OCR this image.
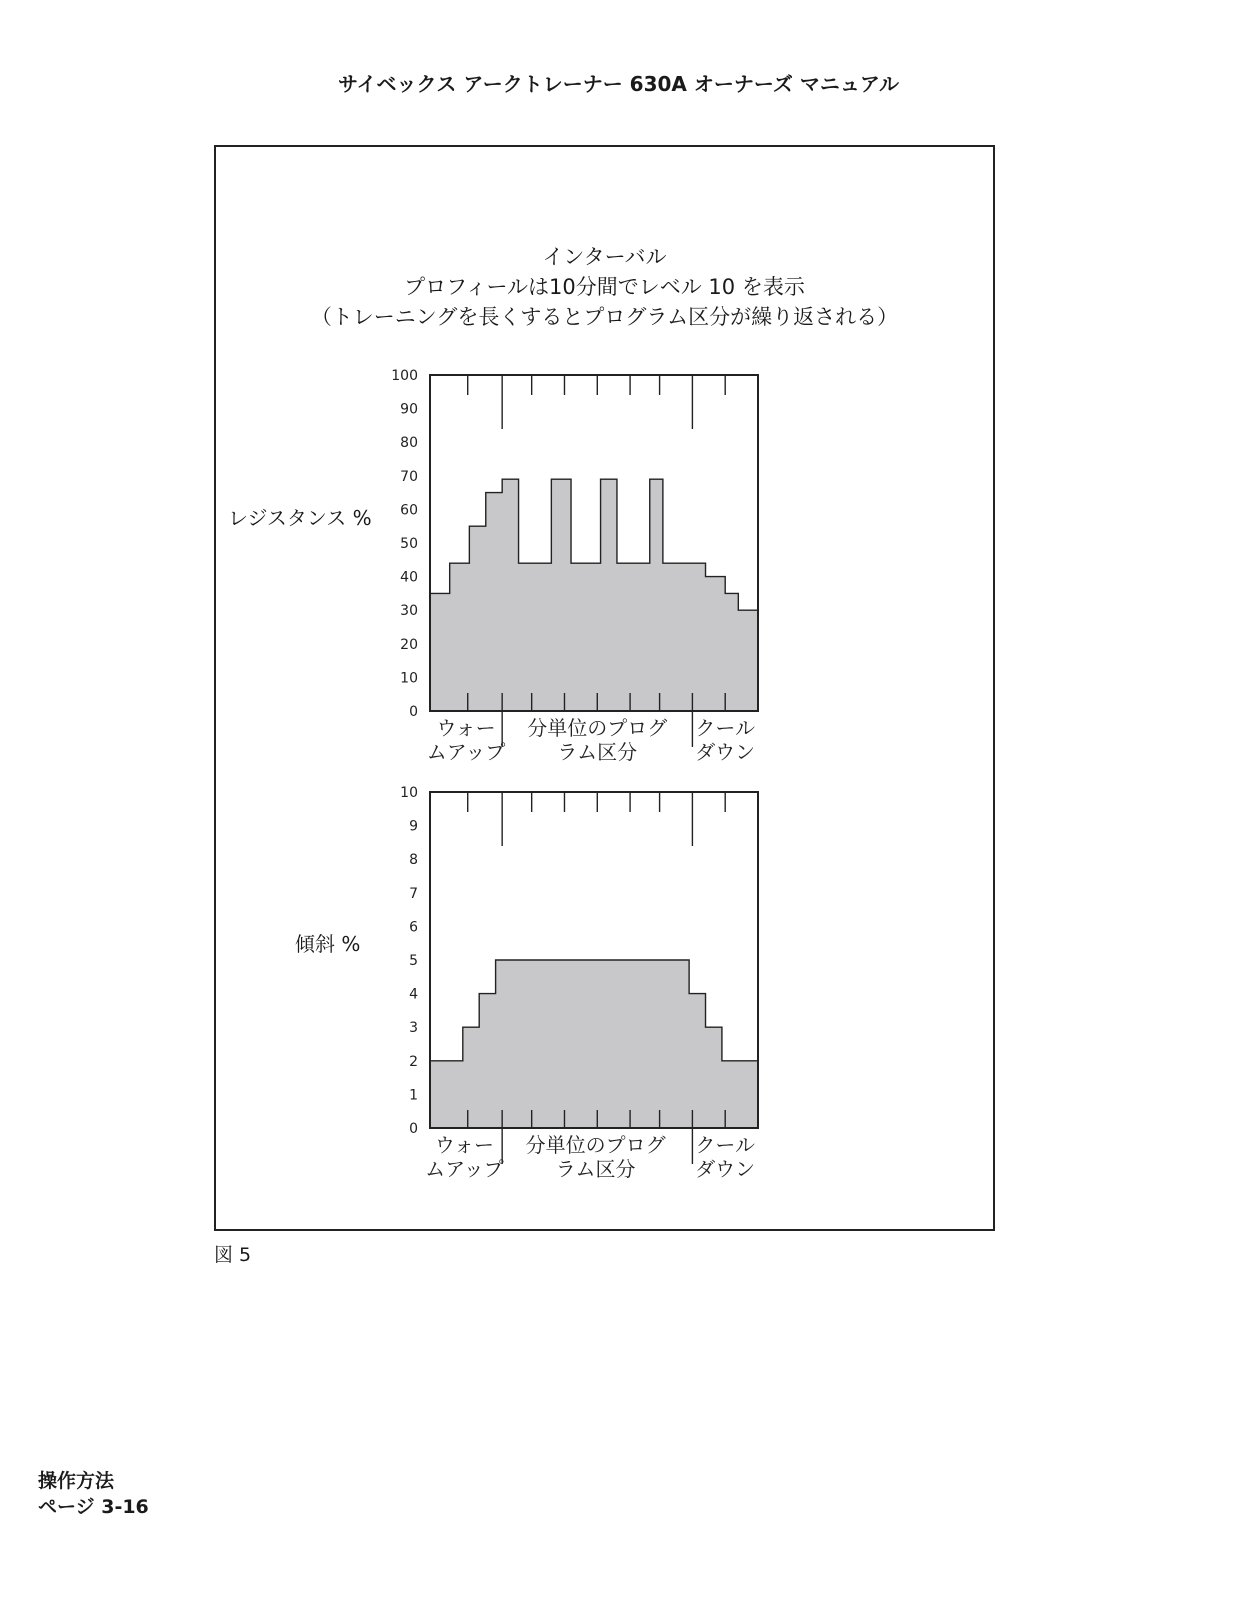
サイベックス アークトレーナー 630A オーナーズ マニュアル
インターバル
プロフィールは10分間でレベル 10 を表示
（トレーニングを長くするとプログラム区分が繰り返される）
レジスタンス %
傾斜 %
0
10
20
30
40
50
60
70
80
90
100
ウォー
ムアップ
分単位のプログ
ラム区分
クール
ダウン
0
1
2
3
4
5
6
7
8
9
10
ウォー
ムアップ
分単位のプログ
ラム区分
クール
ダウン
図 5
操作方法
ページ 3-16
